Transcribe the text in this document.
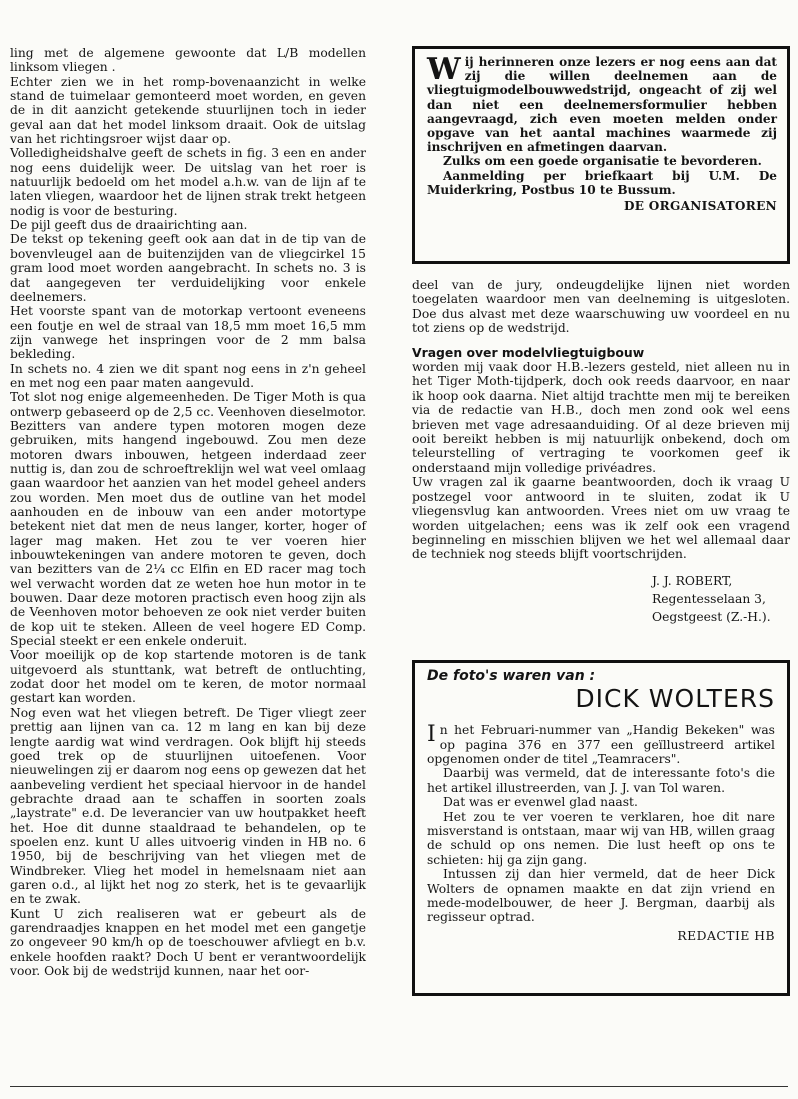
ling met de algemene gewoonte dat L/B modellen linksom vliegen .

Echter zien we in het romp-bovenaanzicht in welke stand de tuimelaar gemonteerd moet worden, en geven de in dit aanzicht getekende stuurlijnen toch in ieder geval aan dat het model linksom draait. Ook de uitslag van het richtingsroer wijst daar op.

Volledigheidshalve geeft de schets in fig. 3 een en ander nog eens duidelijk weer. De uitslag van het roer is natuurlijk bedoeld om het model a.h.w. van de lijn af te laten vliegen, waardoor het de lijnen strak trekt hetgeen nodig is voor de besturing.

De pijl geeft dus de draairichting aan.

De tekst op tekening geeft ook aan dat in de tip van de bovenvleugel aan de buitenzijden van de vliegcirkel 15 gram lood moet worden aangebracht. In schets no. 3 is dat aangegeven ter verduidelijking voor enkele deelnemers.

Het voorste spant van de motorkap vertoont eveneens een foutje en wel de straal van 18,5 mm moet 16,5 mm zijn vanwege het inspringen voor de 2 mm balsa bekleding.

In schets no. 4 zien we dit spant nog eens in z'n geheel en met nog een paar maten aangevuld.

Tot slot nog enige algemeenheden. De Tiger Moth is qua ontwerp gebaseerd op de 2,5 cc. Veenhoven dieselmotor. Bezitters van andere typen motoren mogen deze gebruiken, mits hangend ingebouwd. Zou men deze motoren dwars inbouwen, hetgeen inderdaad zeer nuttig is, dan zou de schroeftreklijn wel wat veel omlaag gaan waardoor het aanzien van het model geheel anders zou worden. Men moet dus de outline van het model aanhouden en de inbouw van een ander motortype betekent niet dat men de neus langer, korter, hoger of lager mag maken. Het zou te ver voeren hier inbouwtekeningen van andere motoren te geven, doch van bezitters van de 2¼ cc Elfin en ED racer mag toch wel verwacht worden dat ze weten hoe hun motor in te bouwen. Daar deze motoren practisch even hoog zijn als de Veenhoven motor behoeven ze ook niet verder buiten de kop uit te steken. Alleen de veel hogere ED Comp. Special steekt er een enkele onderuit.

Voor moeilijk op de kop startende motoren is de tank uitgevoerd als stunttank, wat betreft de ontluchting, zodat door het model om te keren, de motor normaal gestart kan worden.

Nog even wat het vliegen betreft. De Tiger vliegt zeer prettig aan lijnen van ca. 12 m lang en kan bij deze lengte aardig wat wind verdragen. Ook blijft hij steeds goed trek op de stuurlijnen uitoefenen. Voor nieuwelingen zij er daarom nog eens op gewezen dat het aanbeveling verdient het speciaal hiervoor in de handel gebrachte draad aan te schaffen in soorten zoals „laystrate" e.d. De leverancier van uw houtpakket heeft het. Hoe dit dunne staaldraad te behandelen, op te spoelen enz. kunt U alles uitvoerig vinden in HB no. 6 1950, bij de beschrijving van het vliegen met de Windbreker. Vlieg het model in hemelsnaam niet aan garen o.d., al lijkt het nog zo sterk, het is te gevaarlijk en te zwak.

Kunt U zich realiseren wat er gebeurt als de garendraadjes knappen en het model met een gangetje zo ongeveer 90 km/h op de toeschouwer afvliegt en b.v. enkele hoofden raakt? Doch U bent er verantwoordelijk voor. Ook bij de wedstrijd kunnen, naar het oor-

Wij herinneren onze lezers er nog eens aan dat zij die willen deelnemen aan de vliegtuigmodelbouwwedstrijd, ongeacht of zij wel dan niet een deelnemersformulier hebben aangevraagd, zich even moeten melden onder opgave van het aantal machines waarmede zij inschrijven en afmetingen daarvan.

Zulks om een goede organisatie te bevorderen.

Aanmelding per briefkaart bij U.M. De Muiderkring, Postbus 10 te Bussum.

DE ORGANISATOREN

deel van de jury, ondeugdelijke lijnen niet worden toegelaten waardoor men van deelneming is uitgesloten. Doe dus alvast met deze waarschuwing uw voordeel en nu tot ziens op de wedstrijd.

Vragen over modelvliegtuigbouw

worden mij vaak door H.B.-lezers gesteld, niet alleen nu in het Tiger Moth-tijdperk, doch ook reeds daarvoor, en naar ik hoop ook daarna. Niet altijd trachtte men mij te bereiken via de redactie van H.B., doch men zond ook wel eens brieven met vage adresaanduiding. Of al deze brieven mij ooit bereikt hebben is mij natuurlijk onbekend, doch om teleurstelling of vertraging te voorkomen geef ik onderstaand mijn volledige privéadres.

Uw vragen zal ik gaarne beantwoorden, doch ik vraag U postzegel voor antwoord in te sluiten, zodat ik U vliegensvlug kan antwoorden. Vrees niet om uw vraag te worden uitgelachen; eens was ik zelf ook een vragend beginneling en misschien blijven we het wel allemaal daar de techniek nog steeds blijft voortschrijden.

J. J. ROBERT,
Regentesselaan 3,
Oegstgeest (Z.-H.).

De foto's waren van :

DICK WOLTERS

In het Februari-nummer van „Handig Bekeken" was op pagina 376 en 377 een geïllustreerd artikel opgenomen onder de titel „Teamracers".

Daarbij was vermeld, dat de interessante foto's die het artikel illustreerden, van J. J. van Tol waren.

Dat was er evenwel glad naast.

Het zou te ver voeren te verklaren, hoe dit nare misverstand is ontstaan, maar wij van HB, willen graag de schuld op ons nemen. Die lust heeft op ons te schieten: hij ga zijn gang.

Intussen zij dan hier vermeld, dat de heer Dick Wolters de opnamen maakte en dat zijn vriend en mede-modelbouwer, de heer J. Bergman, daarbij als regisseur optrad.

REDACTIE HB
